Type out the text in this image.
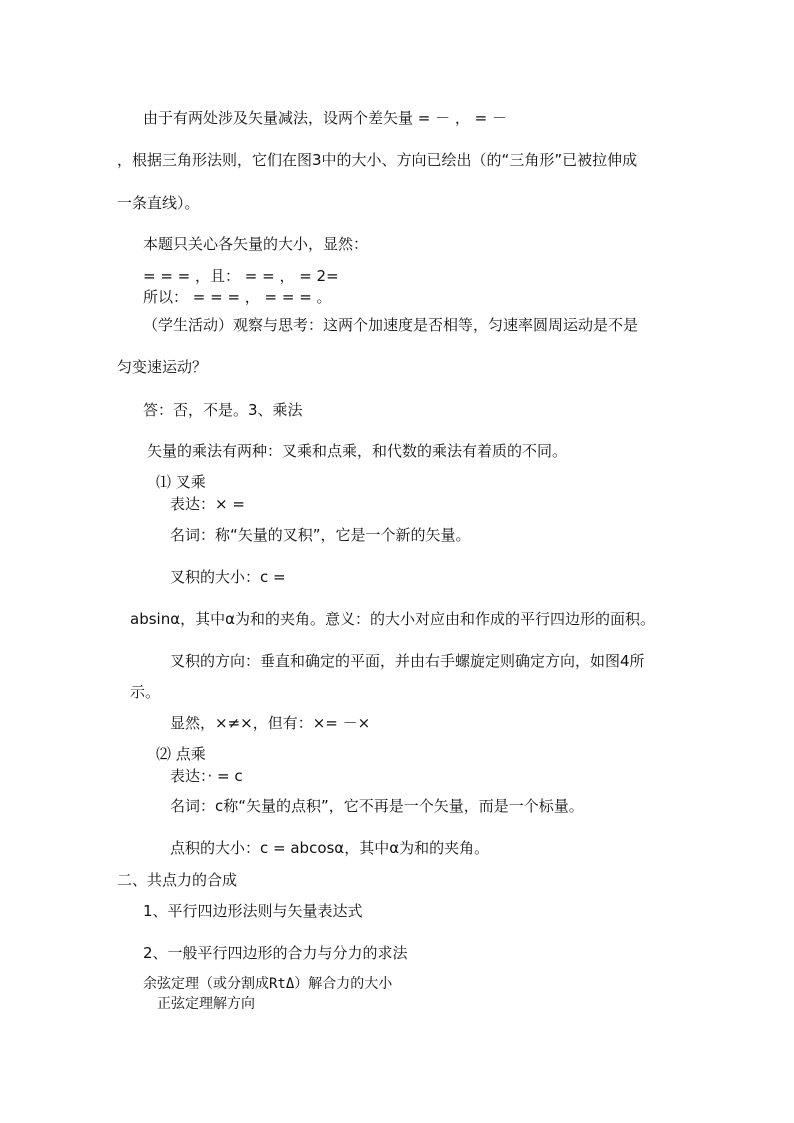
由于有两处涉及矢量减法，设两个差矢量 = － ， = －
，根据三角形法则，它们在图3中的大小、方向已绘出（的“三角形”已被拉伸成
一条直线）。
本题只关心各矢量的大小，显然：
= = = ，且： = = ， = 2=
所以： = = = ， = = = 。
（学生活动）观察与思考：这两个加速度是否相等，匀速率圆周运动是不是
匀变速运动？
答：否，不是。3、乘法
矢量的乘法有两种：叉乘和点乘，和代数的乘法有着质的不同。
⑴ 叉乘
表达：× =
名词：称“矢量的叉积”，它是一个新的矢量。
叉积的大小：c =
absinα，其中α为和的夹角。意义：的大小对应由和作成的平行四边形的面积。
叉积的方向：垂直和确定的平面，并由右手螺旋定则确定方向，如图4所
示。
显然，×≠×，但有：×= －×
⑵ 点乘
表达：· = c
名词：c称“矢量的点积”，它不再是一个矢量，而是一个标量。
点积的大小：c = abcosα，其中α为和的夹角。
二、共点力的合成
1、平行四边形法则与矢量表达式
2、一般平行四边形的合力与分力的求法
余弦定理（或分割成RtΔ）解合力的大小
正弦定理解方向
